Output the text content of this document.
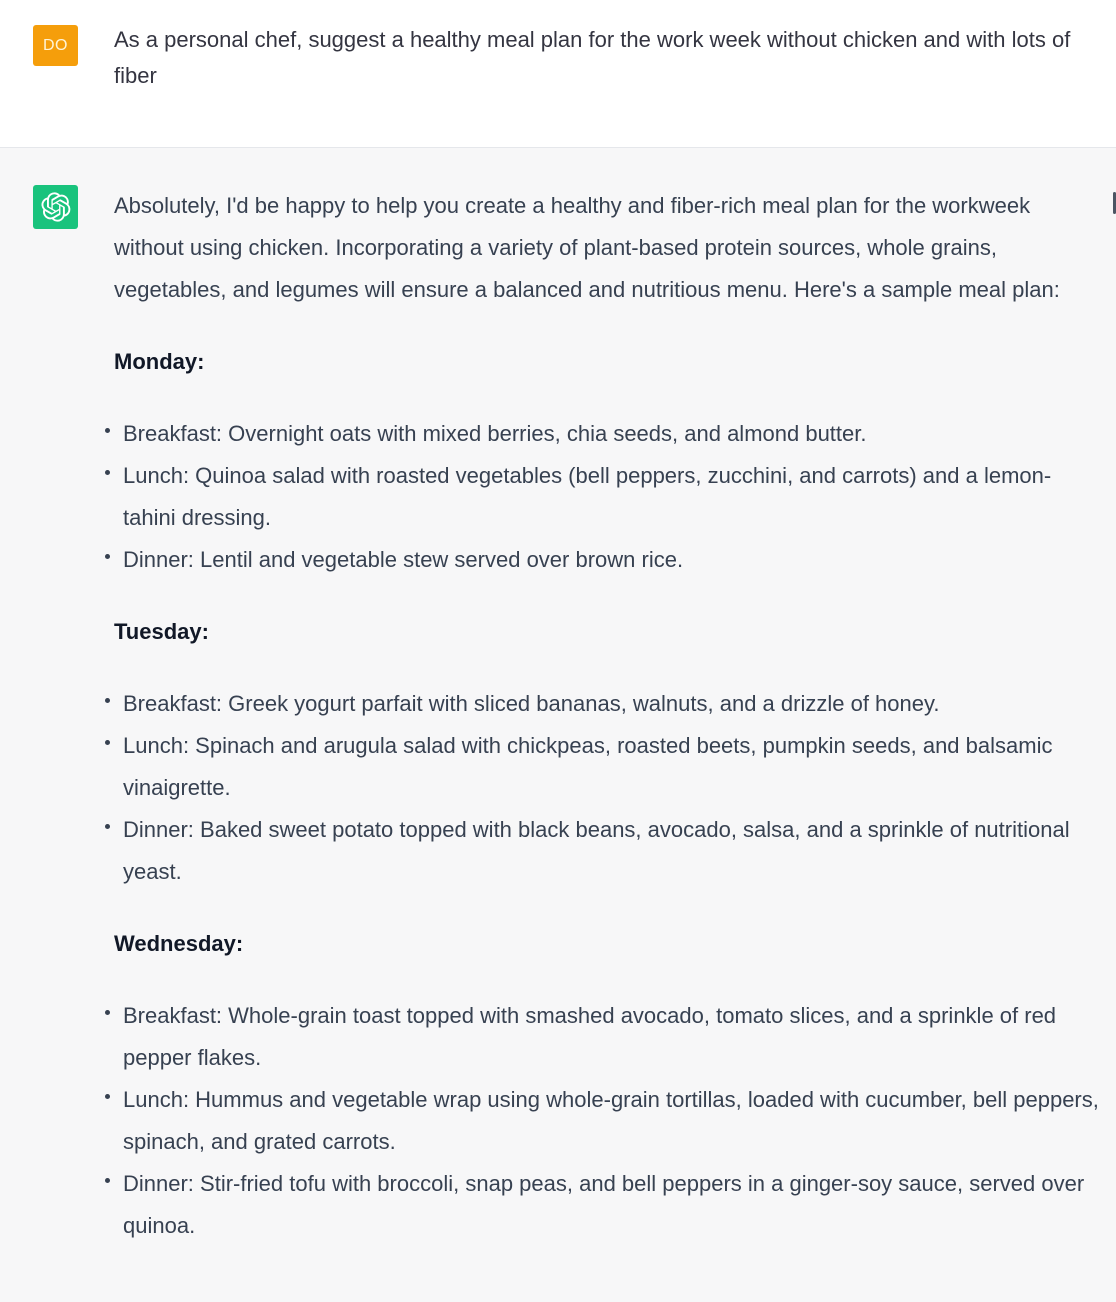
DO As a personal chef, suggest a healthy meal plan for the work week without chicken and with lots of fiber

Absolutely, I'd be happy to help you create a healthy and fiber-rich meal plan for the workweek without using chicken. Incorporating a variety of plant-based protein sources, whole grains, vegetables, and legumes will ensure a balanced and nutritious menu. Here's a sample meal plan:

Monday:
Breakfast: Overnight oats with mixed berries, chia seeds, and almond butter.
Lunch: Quinoa salad with roasted vegetables (bell peppers, zucchini, and carrots) and a lemon-tahini dressing.
Dinner: Lentil and vegetable stew served over brown rice.
Tuesday:
Breakfast: Greek yogurt parfait with sliced bananas, walnuts, and a drizzle of honey.
Lunch: Spinach and arugula salad with chickpeas, roasted beets, pumpkin seeds, and balsamic vinaigrette.
Dinner: Baked sweet potato topped with black beans, avocado, salsa, and a sprinkle of nutritional yeast.
Wednesday:
Breakfast: Whole-grain toast topped with smashed avocado, tomato slices, and a sprinkle of red pepper flakes.
Lunch: Hummus and vegetable wrap using whole-grain tortillas, loaded with cucumber, bell peppers, spinach, and grated carrots.
Dinner: Stir-fried tofu with broccoli, snap peas, and bell peppers in a ginger-soy sauce, served over quinoa.
